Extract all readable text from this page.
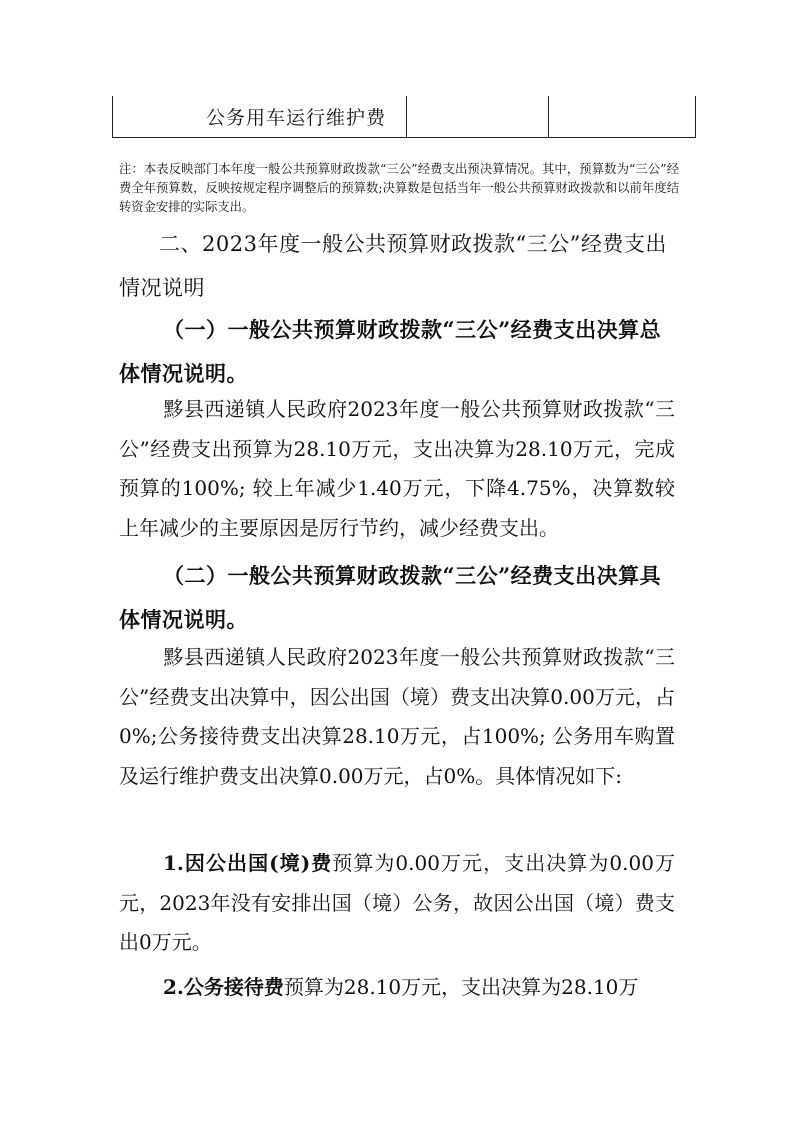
公务用车运行维护费
注：本表反映部门本年度一般公共预算财政拨款“三公”经费支出预决算情况。其中，预算数为“三公”经费全年预算数，反映按规定程序调整后的预算数;决算数是包括当年一般公共预算财政拨款和以前年度结转资金安排的实际支出。
二、2023年度一般公共预算财政拨款“三公”经费支出情况说明
（一）一般公共预算财政拨款“三公”经费支出决算总体情况说明。
黟县西递镇人民政府2023年度一般公共预算财政拨款“三公”经费支出预算为28.10万元，支出决算为28.10万元，完成预算的100%; 较上年减少1.40万元，下降4.75%，决算数较上年减少的主要原因是厉行节约，减少经费支出。
（二）一般公共预算财政拨款“三公”经费支出决算具体情况说明。
黟县西递镇人民政府2023年度一般公共预算财政拨款“三公”经费支出决算中，因公出国（境）费支出决算0.00万元，占0%;公务接待费支出决算28.10万元，占100%; 公务用车购置及运行维护费支出决算0.00万元，占0%。具体情况如下:
1.因公出国(境)费预算为0.00万元，支出决算为0.00万元，2023年没有安排出国（境）公务，故因公出国（境）费支出0万元。
2.公务接待费预算为28.10万元，支出决算为28.10万
